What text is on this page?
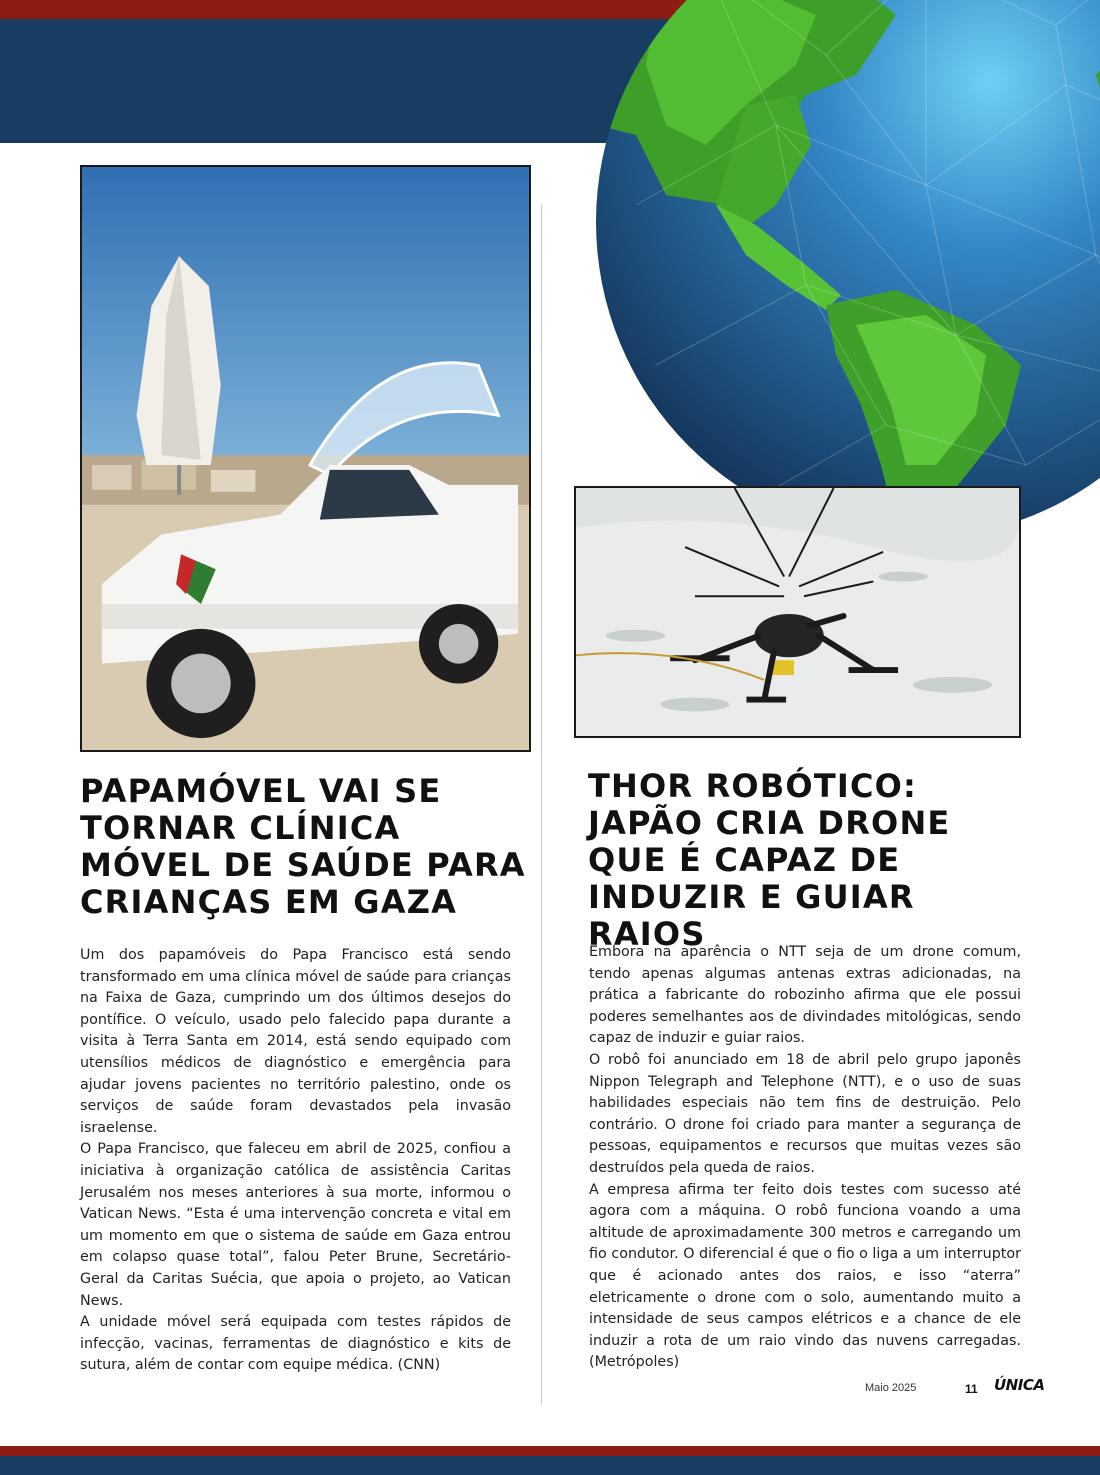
PAPAMÓVEL VAI SE TORNAR CLÍNICA MÓVEL DE SAÚDE PARA CRIANÇAS EM GAZA

Um dos papamóveis do Papa Francisco está sendo transformado em uma clínica móvel de saúde para crianças na Faixa de Gaza, cumprindo um dos últimos desejos do pontífice. O veículo, usado pelo falecido papa durante a visita à Terra Santa em 2014, está sendo equipado com utensílios médicos de diagnóstico e emergência para ajudar jovens pacientes no território palestino, onde os serviços de saúde foram devastados pela invasão israelense.

O Papa Francisco, que faleceu em abril de 2025, confiou a iniciativa à organização católica de assistência Caritas Jerusalém nos meses anteriores à sua morte, informou o Vatican News. “Esta é uma intervenção concreta e vital em um momento em que o sistema de saúde em Gaza entrou em colapso quase total”, falou Peter Brune, Secretário-Geral da Caritas Suécia, que apoia o projeto, ao Vatican News.

A unidade móvel será equipada com testes rápidos de infecção, vacinas, ferramentas de diagnóstico e kits de sutura, além de contar com equipe médica. (CNN)

THOR ROBÓTICO: JAPÃO CRIA DRONE QUE É CAPAZ DE INDUZIR E GUIAR RAIOS

Embora na aparência o NTT seja de um drone comum, tendo apenas algumas antenas extras adicionadas, na prática a fabricante do robozinho afirma que ele possui poderes semelhantes aos de divindades mitológicas, sendo capaz de induzir e guiar raios.

O robô foi anunciado em 18 de abril pelo grupo japonês Nippon Telegraph and Telephone (NTT), e o uso de suas habilidades especiais não tem fins de destruição. Pelo contrário. O drone foi criado para manter a segurança de pessoas, equipamentos e recursos que muitas vezes são destruídos pela queda de raios.

A empresa afirma ter feito dois testes com sucesso até agora com a máquina. O robô funciona voando a uma altitude de aproximadamente 300 metros e carregando um fio condutor. O diferencial é que o fio o liga a um interruptor que é acionado antes dos raios, e isso “aterra” eletricamente o drone com o solo, aumentando muito a intensidade de seus campos elétricos e a chance de ele induzir a rota de um raio vindo das nuvens carregadas. (Metrópoles)

Maio 2025	11 ÚNICA
